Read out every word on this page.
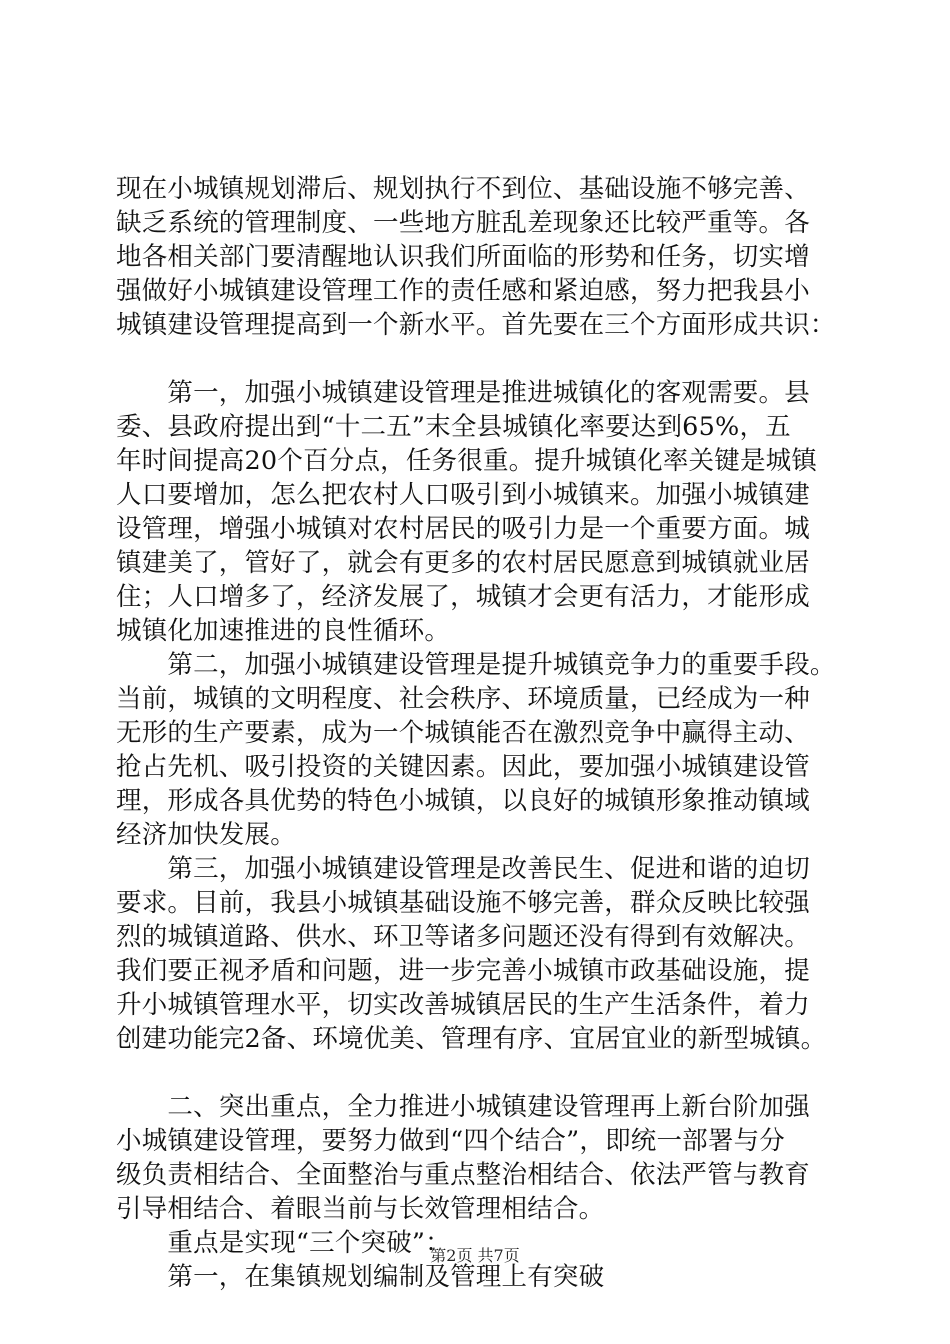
现在小城镇规划滞后、规划执行不到位、基础设施不够完善、
缺乏系统的管理制度、一些地方脏乱差现象还比较严重等。各
地各相关部门要清醒地认识我们所面临的形势和任务，切实增
强做好小城镇建设管理工作的责任感和紧迫感，努力把我县小
城镇建设管理提高到一个新水平。首先要在三个方面形成共识：
　　第一，加强小城镇建设管理是推进城镇化的客观需要。县
委、县政府提出到“十二五”末全县城镇化率要达到65%，五
年时间提高20个百分点，任务很重。提升城镇化率关键是城镇
人口要增加，怎么把农村人口吸引到小城镇来。加强小城镇建
设管理，增强小城镇对农村居民的吸引力是一个重要方面。城
镇建美了，管好了，就会有更多的农村居民愿意到城镇就业居
住；人口增多了，经济发展了，城镇才会更有活力，才能形成
城镇化加速推进的良性循环。
　　第二，加强小城镇建设管理是提升城镇竞争力的重要手段。
当前，城镇的文明程度、社会秩序、环境质量，已经成为一种
无形的生产要素，成为一个城镇能否在激烈竞争中赢得主动、
抢占先机、吸引投资的关键因素。因此，要加强小城镇建设管
理，形成各具优势的特色小城镇，以良好的城镇形象推动镇域
经济加快发展。
　　第三，加强小城镇建设管理是改善民生、促进和谐的迫切
要求。目前，我县小城镇基础设施不够完善，群众反映比较强
烈的城镇道路、供水、环卫等诸多问题还没有得到有效解决。
我们要正视矛盾和问题，进一步完善小城镇市政基础设施，提
升小城镇管理水平，切实改善城镇居民的生产生活条件，着力
创建功能完2备、环境优美、管理有序、宜居宜业的新型城镇。
　　二、突出重点，全力推进小城镇建设管理再上新台阶加强
小城镇建设管理，要努力做到“四个结合”，即统一部署与分
级负责相结合、全面整治与重点整治相结合、依法严管与教育
引导相结合、着眼当前与长效管理相结合。
　　重点是实现“三个突破”：
　　第一，在集镇规划编制及管理上有突破
第2页 共7页
